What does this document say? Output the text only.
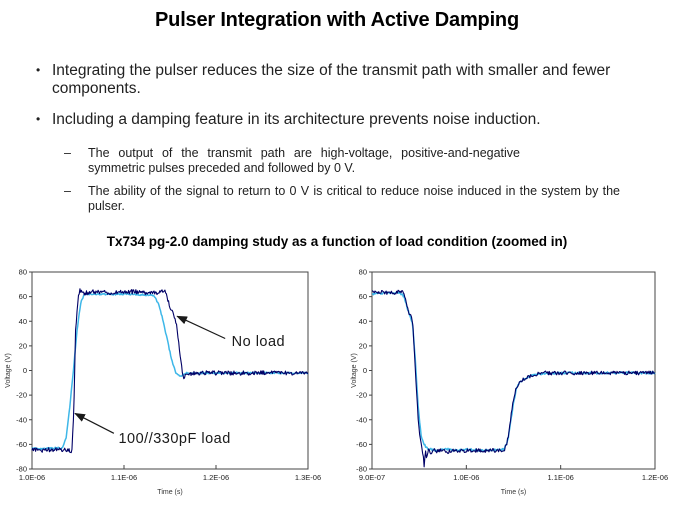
Pulser Integration with Active Damping
• Integrating the pulser reduces the size of the transmit path with smaller and fewer components.
• Including a damping feature in its architecture prevents noise induction.
–	The output of the transmit path are high-voltage, positive-and-negative symmetric pulses preceded and followed by 0 V.
–	The ability of the signal to return to 0 V is critical to reduce noise induced in the system by the pulser.
Tx734 pg-2.0 damping study as a function of load condition (zoomed in)
80
60
40
20
0
-20
-40
-60
-80
1.0E-06	1.1E-06	1.2E-06	1.3E-06
Voltage (V)
Time (s)
No load
100//330pF load
80
60
40
20
0
-20
-40
-60
-80
9.0E-07	1.0E-06	1.1E-06	1.2E-06
Voltage (V)
Time (s)
